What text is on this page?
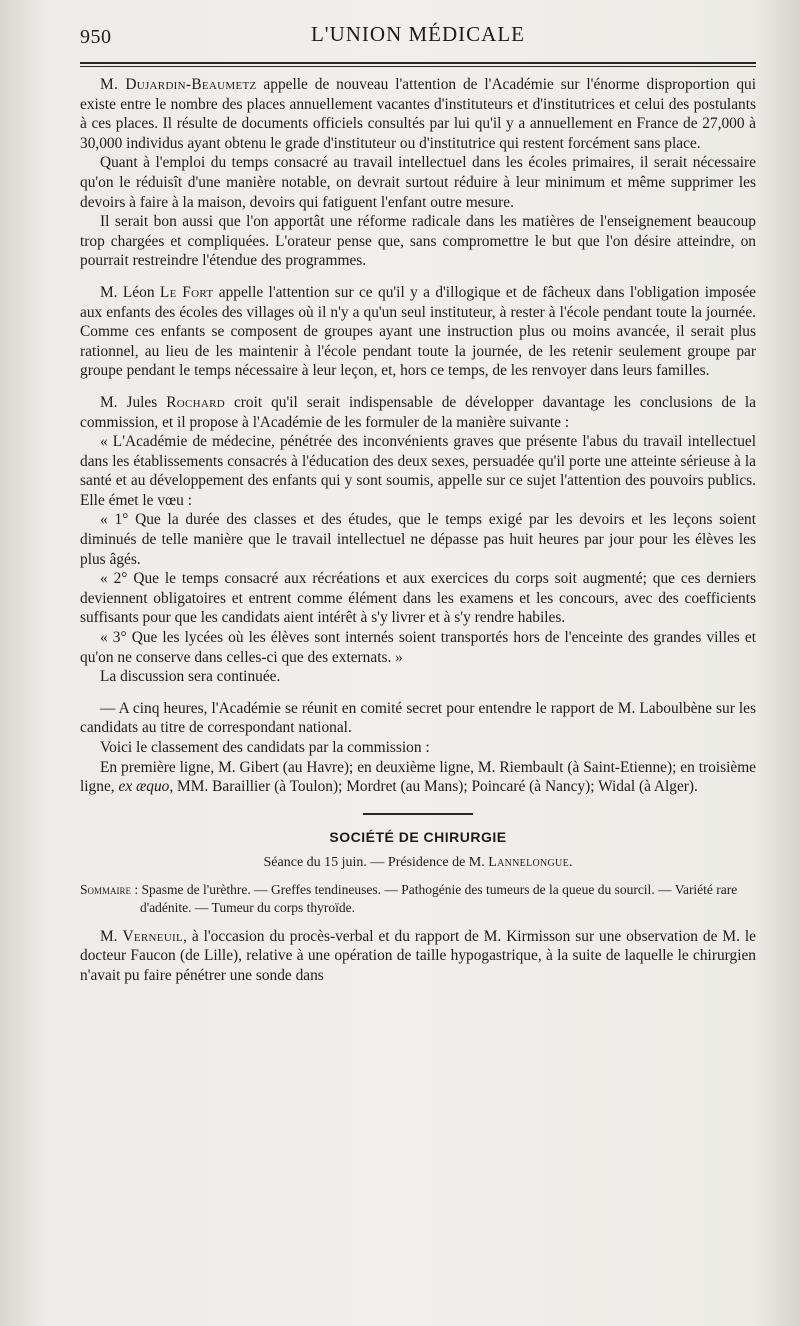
950	L'UNION MÉDICALE

M. Dujardin-Beaumetz appelle de nouveau l'attention de l'Académie sur l'énorme disproportion qui existe entre le nombre des places annuellement vacantes d'instituteurs et d'institutrices et celui des postulants à ces places. Il résulte de documents officiels consultés par lui qu'il y a annuellement en France de 27,000 à 30,000 individus ayant obtenu le grade d'instituteur ou d'institutrice qui restent forcément sans place.

Quant à l'emploi du temps consacré au travail intellectuel dans les écoles primaires, il serait nécessaire qu'on le réduisît d'une manière notable, on devrait surtout réduire à leur minimum et même supprimer les devoirs à faire à la maison, devoirs qui fatiguent l'enfant outre mesure.

Il serait bon aussi que l'on apportât une réforme radicale dans les matières de l'enseignement beaucoup trop chargées et compliquées. L'orateur pense que, sans compromettre le but que l'on désire atteindre, on pourrait restreindre l'étendue des programmes.

M. Léon Le Fort appelle l'attention sur ce qu'il y a d'illogique et de fâcheux dans l'obligation imposée aux enfants des écoles des villages où il n'y a qu'un seul instituteur, à rester à l'école pendant toute la journée. Comme ces enfants se composent de groupes ayant une instruction plus ou moins avancée, il serait plus rationnel, au lieu de les maintenir à l'école pendant toute la journée, de les retenir seulement groupe par groupe pendant le temps nécessaire à leur leçon, et, hors ce temps, de les renvoyer dans leurs familles.

M. Jules Rochard croit qu'il serait indispensable de développer davantage les conclusions de la commission, et il propose à l'Académie de les formuler de la manière suivante :

« L'Académie de médecine, pénétrée des inconvénients graves que présente l'abus du travail intellectuel dans les établissements consacrés à l'éducation des deux sexes, persuadée qu'il porte une atteinte sérieuse à la santé et au développement des enfants qui y sont soumis, appelle sur ce sujet l'attention des pouvoirs publics. Elle émet le vœu :

« 1° Que la durée des classes et des études, que le temps exigé par les devoirs et les leçons soient diminués de telle manière que le travail intellectuel ne dépasse pas huit heures par jour pour les élèves les plus âgés.

« 2° Que le temps consacré aux récréations et aux exercices du corps soit augmenté; que ces derniers deviennent obligatoires et entrent comme élément dans les examens et les concours, avec des coefficients suffisants pour que les candidats aient intérêt à s'y livrer et à s'y rendre habiles.

« 3° Que les lycées où les élèves sont internés soient transportés hors de l'enceinte des grandes villes et qu'on ne conserve dans celles-ci que des externats. »

La discussion sera continuée.

— A cinq heures, l'Académie se réunit en comité secret pour entendre le rapport de M. Laboulbène sur les candidats au titre de correspondant national.

Voici le classement des candidats par la commission :

En première ligne, M. Gibert (au Havre); en deuxième ligne, M. Riembault (à Saint-Etienne); en troisième ligne, ex æquo, MM. Baraillier (à Toulon); Mordret (au Mans); Poincaré (à Nancy); Widal (à Alger).

SOCIÉTÉ DE CHIRURGIE
Séance du 15 juin. — Présidence de M. Lannelongue.
Sommaire : Spasme de l'urèthre. — Greffes tendineuses. — Pathogénie des tumeurs de la queue du sourcil. — Variété rare d'adénite. — Tumeur du corps thyroïde.

M. Verneuil, à l'occasion du procès-verbal et du rapport de M. Kirmisson sur une observation de M. le docteur Faucon (de Lille), relative à une opération de taille hypogastrique, à la suite de laquelle le chirurgien n'avait pu faire pénétrer une sonde dans
